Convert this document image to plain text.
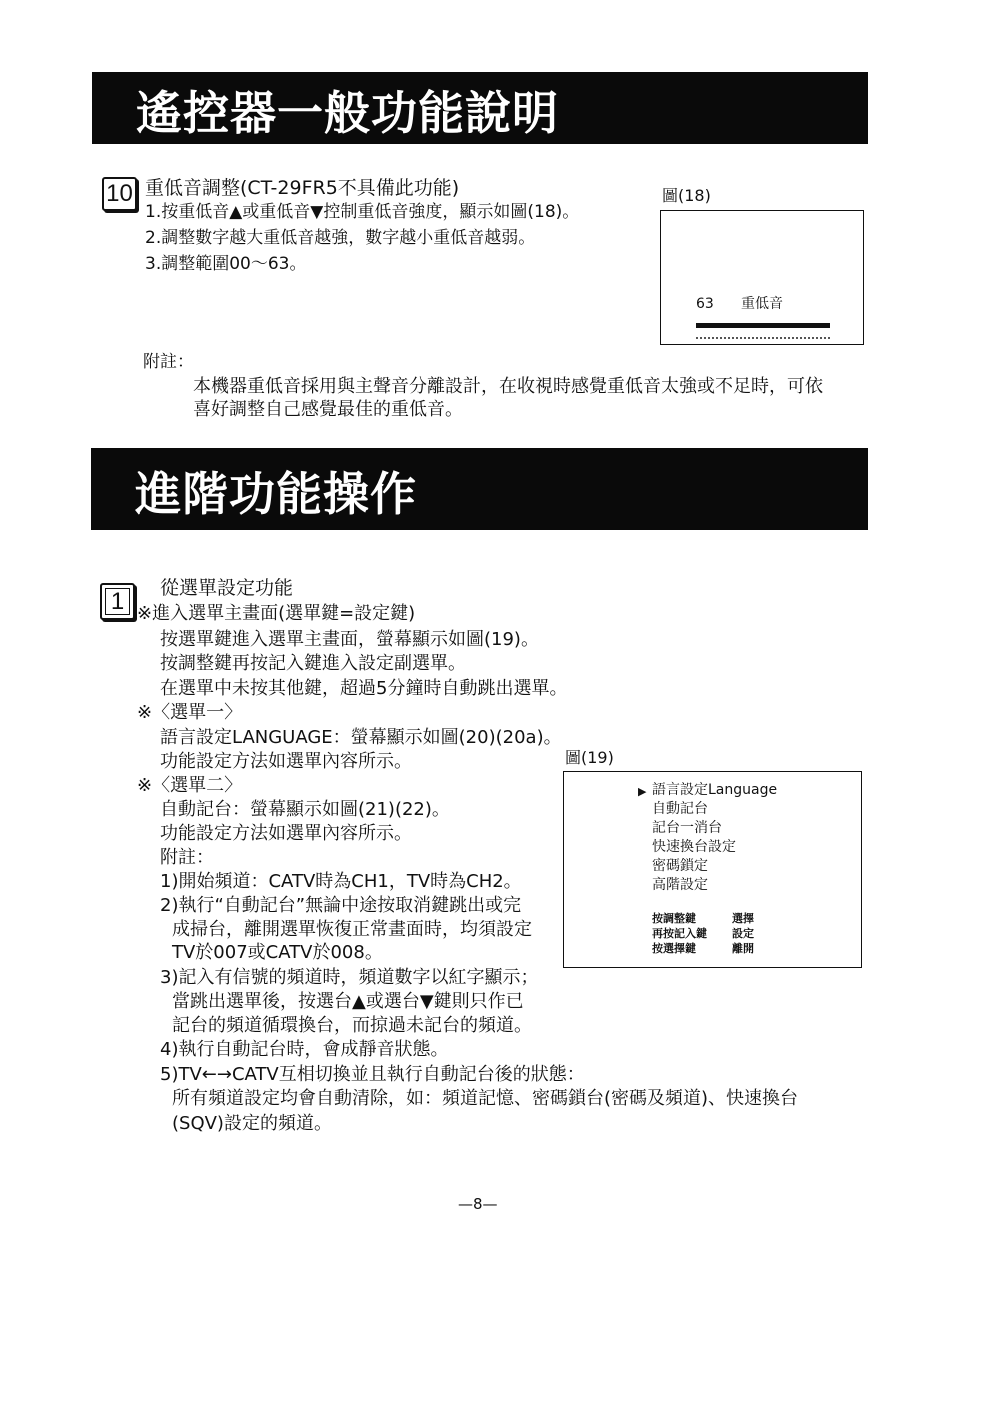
遙控器一般功能說明
10 重低音調整(CT-29FR5不具備此功能)
1.按重低音▲或重低音▼控制重低音強度，顯示如圖(18)。
2.調整數字越大重低音越強，數字越小重低音越弱。
3.調整範圍00～63。
圖(18)
63 重低音
附註：
本機器重低音採用與主聲音分離設計，在收視時感覺重低音太強或不足時，可依
喜好調整自己感覺最佳的重低音。
進階功能操作
1	從選單設定功能
※進入選單主畫面(選單鍵=設定鍵)
按選單鍵進入選單主畫面，螢幕顯示如圖(19)。
按調整鍵再按記入鍵進入設定副選單。
在選單中未按其他鍵，超過5分鐘時自動跳出選單。
※〈選單一〉
語言設定LANGUAGE：螢幕顯示如圖(20)(20a)。
功能設定方法如選單內容所示。
※〈選單二〉
自動記台：螢幕顯示如圖(21)(22)。
功能設定方法如選單內容所示。
附註：
1)開始頻道：CATV時為CH1，TV時為CH2。
2)執行“自動記台”無論中途按取消鍵跳出或完
成掃台，離開選單恢復正常畫面時，均須設定
TV於007或CATV於008。
3)記入有信號的頻道時，頻道數字以紅字顯示；
當跳出選單後，按選台▲或選台▼鍵則只作已
記台的頻道循環換台，而掠過未記台的頻道。
4)執行自動記台時，會成靜音狀態。
5)TV←→CATV互相切換並且執行自動記台後的狀態：
所有頻道設定均會自動清除，如：頻道記憶、密碼鎖台(密碼及頻道)、快速換台
(SQV)設定的頻道。
圖(19)
▶ 語言設定Language
自動記台
記台一消台
快速換台設定
密碼鎖定
高階設定
按調整鍵	選擇
再按記入鍵 設定
按選擇鍵	離開
—8—
